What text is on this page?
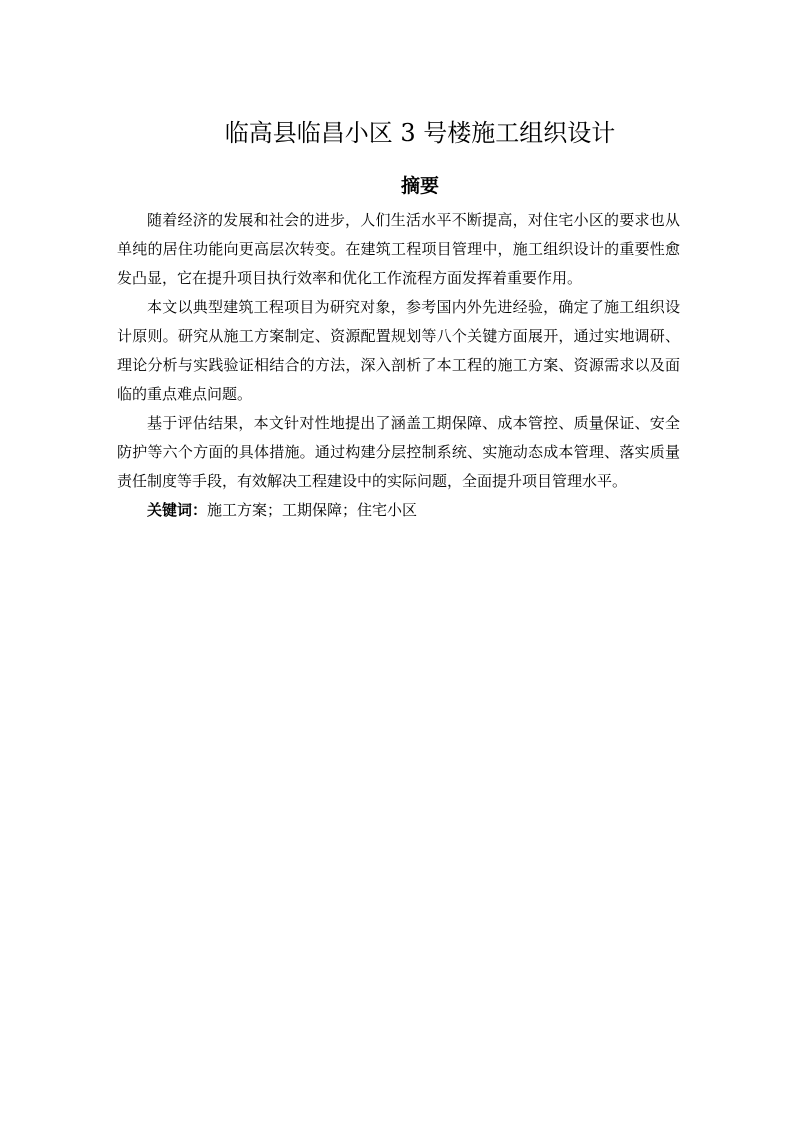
临高县临昌小区 3 号楼施工组织设计
摘要

随着经济的发展和社会的进步，人们生活水平不断提高，对住宅小区的要求也从单纯的居住功能向更高层次转变。在建筑工程项目管理中，施工组织设计的重要性愈发凸显，它在提升项目执行效率和优化工作流程方面发挥着重要作用。

本文以典型建筑工程项目为研究对象，参考国内外先进经验，确定了施工组织设计原则。研究从施工方案制定、资源配置规划等八个关键方面展开，通过实地调研、理论分析与实践验证相结合的方法，深入剖析了本工程的施工方案、资源需求以及面临的重点难点问题。

基于评估结果，本文针对性地提出了涵盖工期保障、成本管控、质量保证、安全防护等六个方面的具体措施。通过构建分层控制系统、实施动态成本管理、落实质量责任制度等手段，有效解决工程建设中的实际问题，全面提升项目管理水平。

关键词：施工方案；工期保障；住宅小区
